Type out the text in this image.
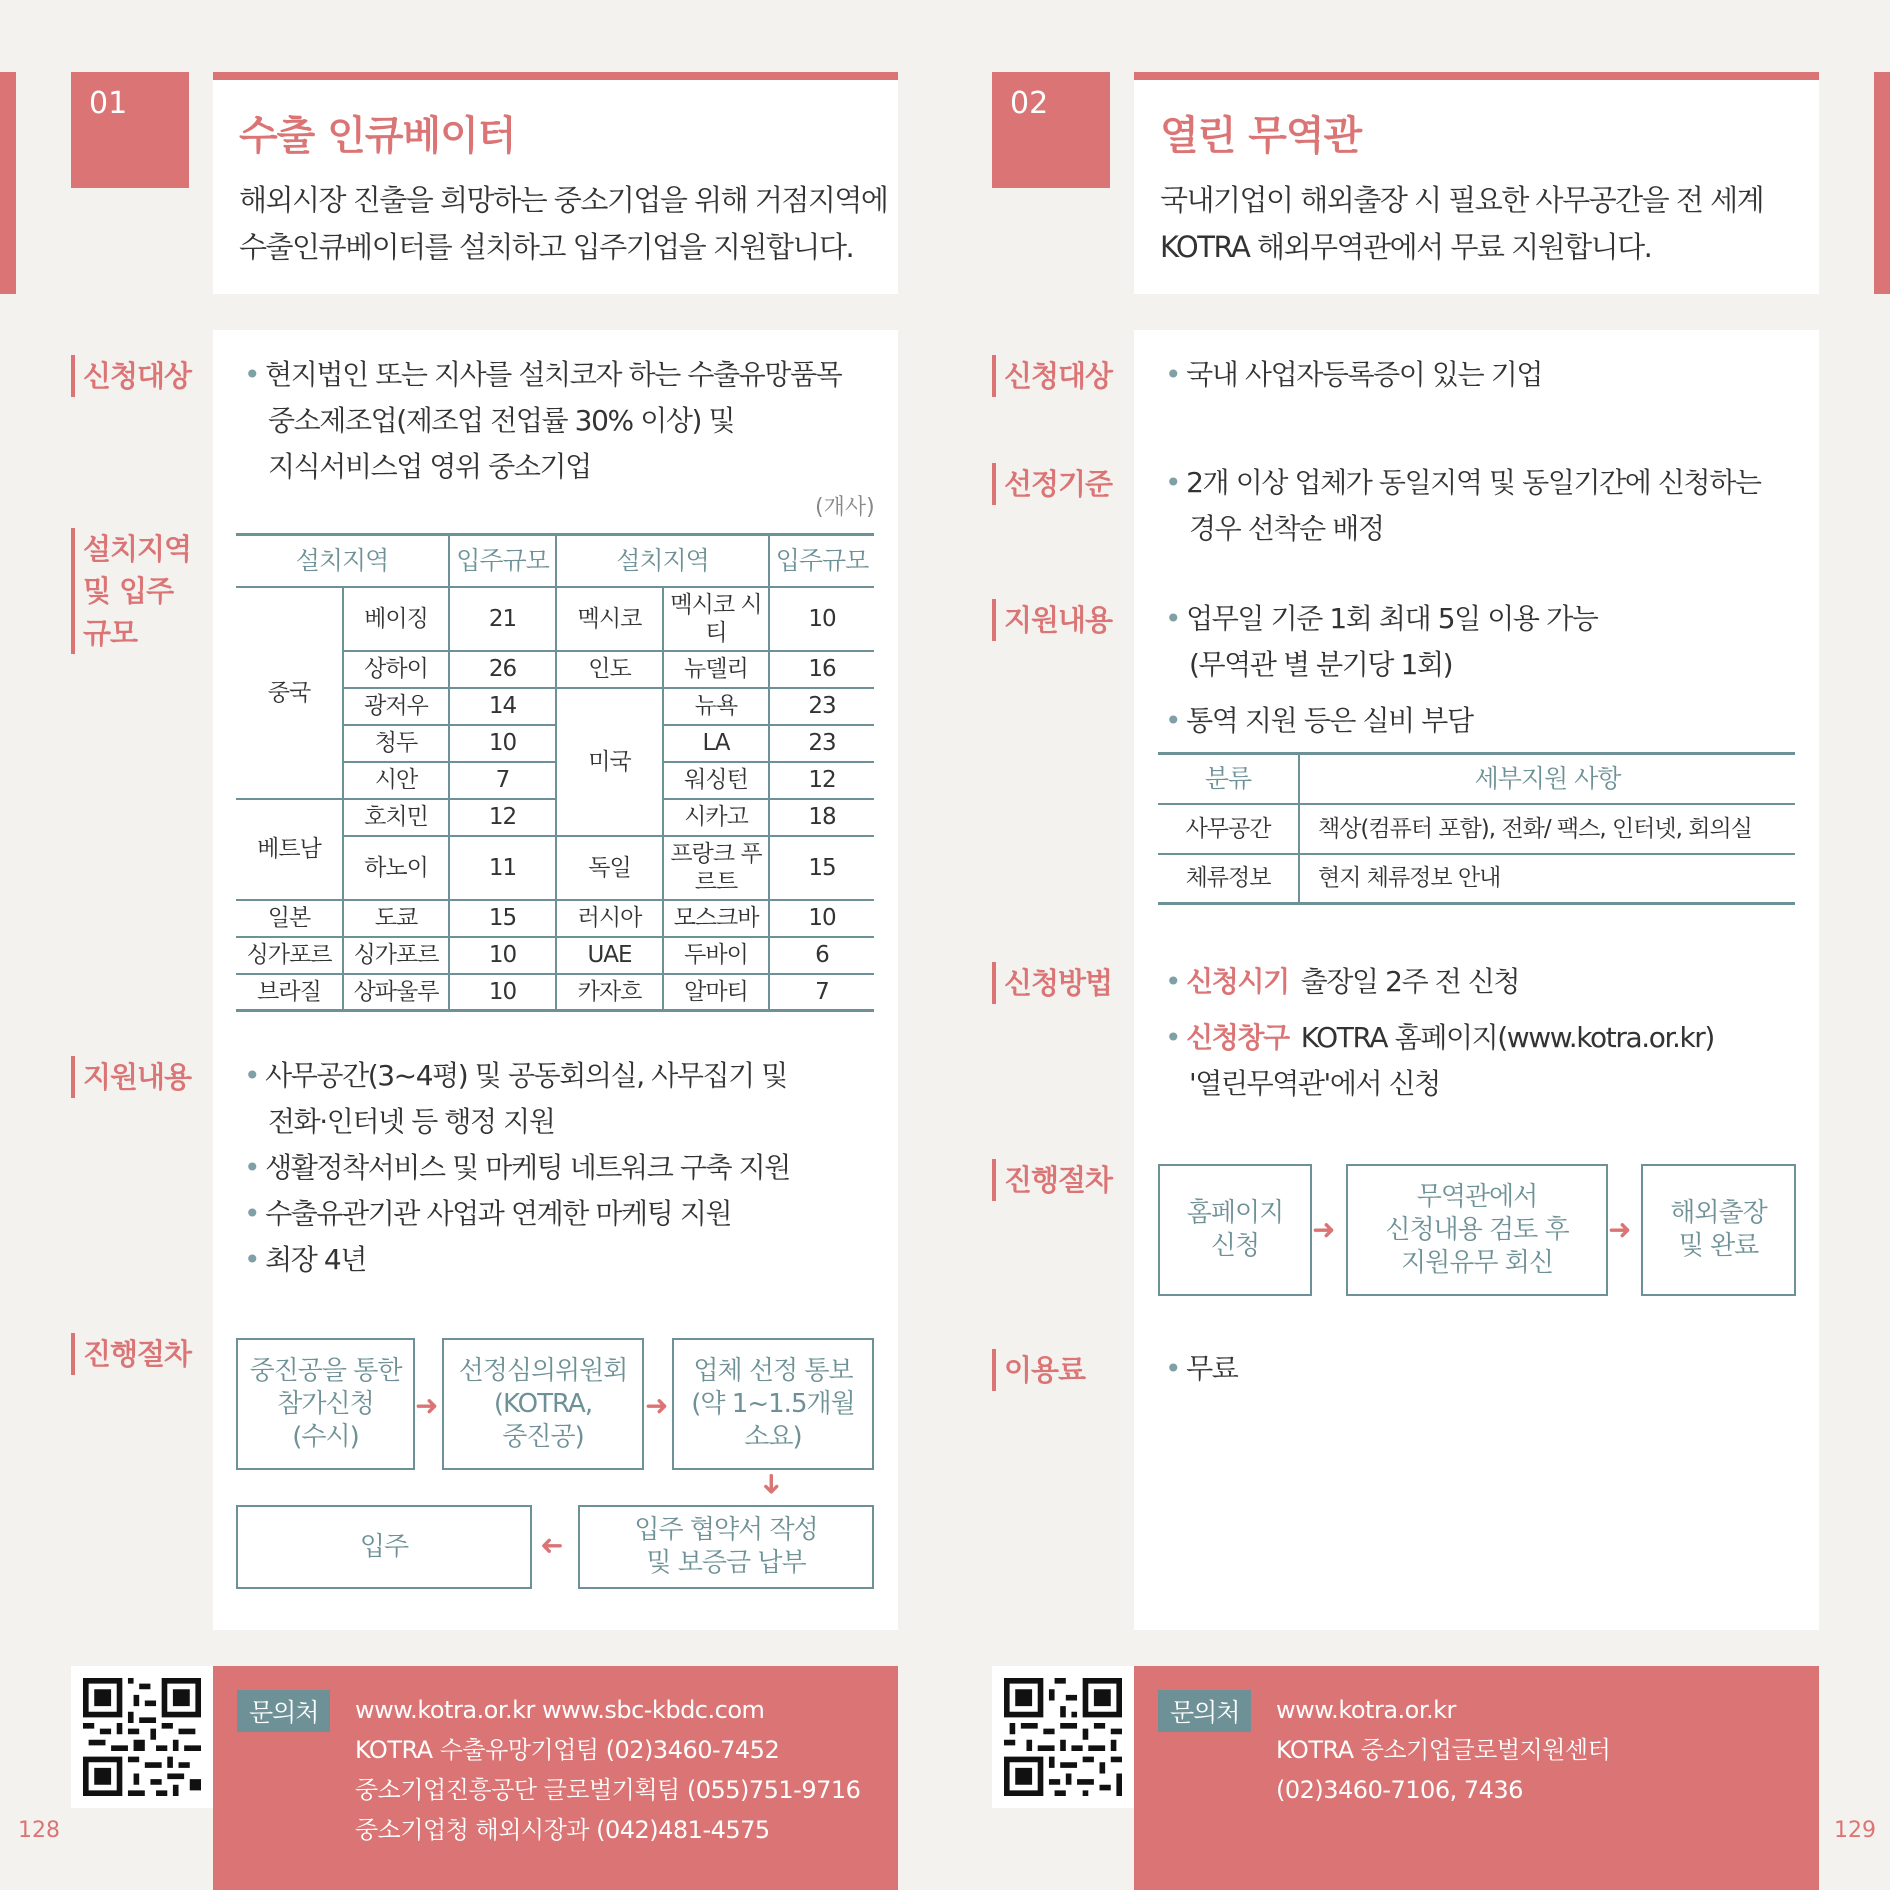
01
수출 인큐베이터

해외시장 진출을 희망하는 중소기업을 위해 거점지역에

수출인큐베이터를 설치하고 입주기업을 지원합니다.

신청대상 • 현지법인 또는 지사를 설치코자 하는 수출유망품목
중소제조업(제조업 전업률 30% 이상) 및
지식서비스업 영위 중소기업
설치지역
및 입주
규모
(개사)
설치지역		입주규모	설치지역		입주규모
중국	베이징	21	멕시코	멕시코 시티	10
	상하이	26	인도	뉴델리	16
	광저우	14	미국	뉴욕	23
	청두	10		LA	23
	시안	7		워싱턴	12
베트남	호치민	12		시카고	18
	하노이	11	독일	프랑크 푸르트	15
일본	도쿄	15	러시아	모스크바	10
싱가포르	싱가포르	10	UAE	두바이	6
브라질	상파울루	10	카자흐	알마티	7
지원내용 • 사무공간(3~4평) 및 공동회의실, 사무집기 및
전화·인터넷 등 행정 지원
• 생활정착서비스 및 마케팅 네트워크 구축 지원
• 수출유관기관 사업과 연계한 마케팅 지원
• 최장 4년
진행절차	중진공을 통한
참가신청
(수시)
➜
선정심의위원회
(KOTRA,
중진공)
➜
업체 선정 통보
(약 1~1.5개월
소요)
➜
입주	➜	입주 협약서 작성
및 보증금 납부
문의처	www.kotra.or.kr www.sbc-kbdc.com
KOTRA 수출유망기업팀 (02)3460-7452
중소기업진흥공단 글로벌기획팀 (055)751-9716
중소기업청 해외시장과 (042)481-4575
128
02
열린 무역관

국내기업이 해외출장 시 필요한 사무공간을 전 세계

KOTRA 해외무역관에서 무료 지원합니다.

신청대상 • 국내 사업자등록증이 있는 기업
선정기준 • 2개 이상 업체가 동일지역 및 동일기간에 신청하는
경우 선착순 배정
지원내용 • 업무일 기준 1회 최대 5일 이용 가능
(무역관 별 분기당 1회)
• 통역 지원 등은 실비 부담
분류	세부지원 사항
사무공간	책상(컴퓨터 포함), 전화/ 팩스, 인터넷, 회의실
체류정보	현지 체류정보 안내
신청방법 • 신청시기 출장일 2주 전 신청
• 신청창구 KOTRA 홈페이지(www.kotra.or.kr)
'열린무역관'에서 신청
진행절차
홈페이지
신청	➜
무역관에서
신청내용 검토 후
지원유무 회신
➜	해외출장
및 완료
이용료	• 무료
문의처	www.kotra.or.kr
KOTRA 중소기업글로벌지원센터
(02)3460-7106, 7436
129
